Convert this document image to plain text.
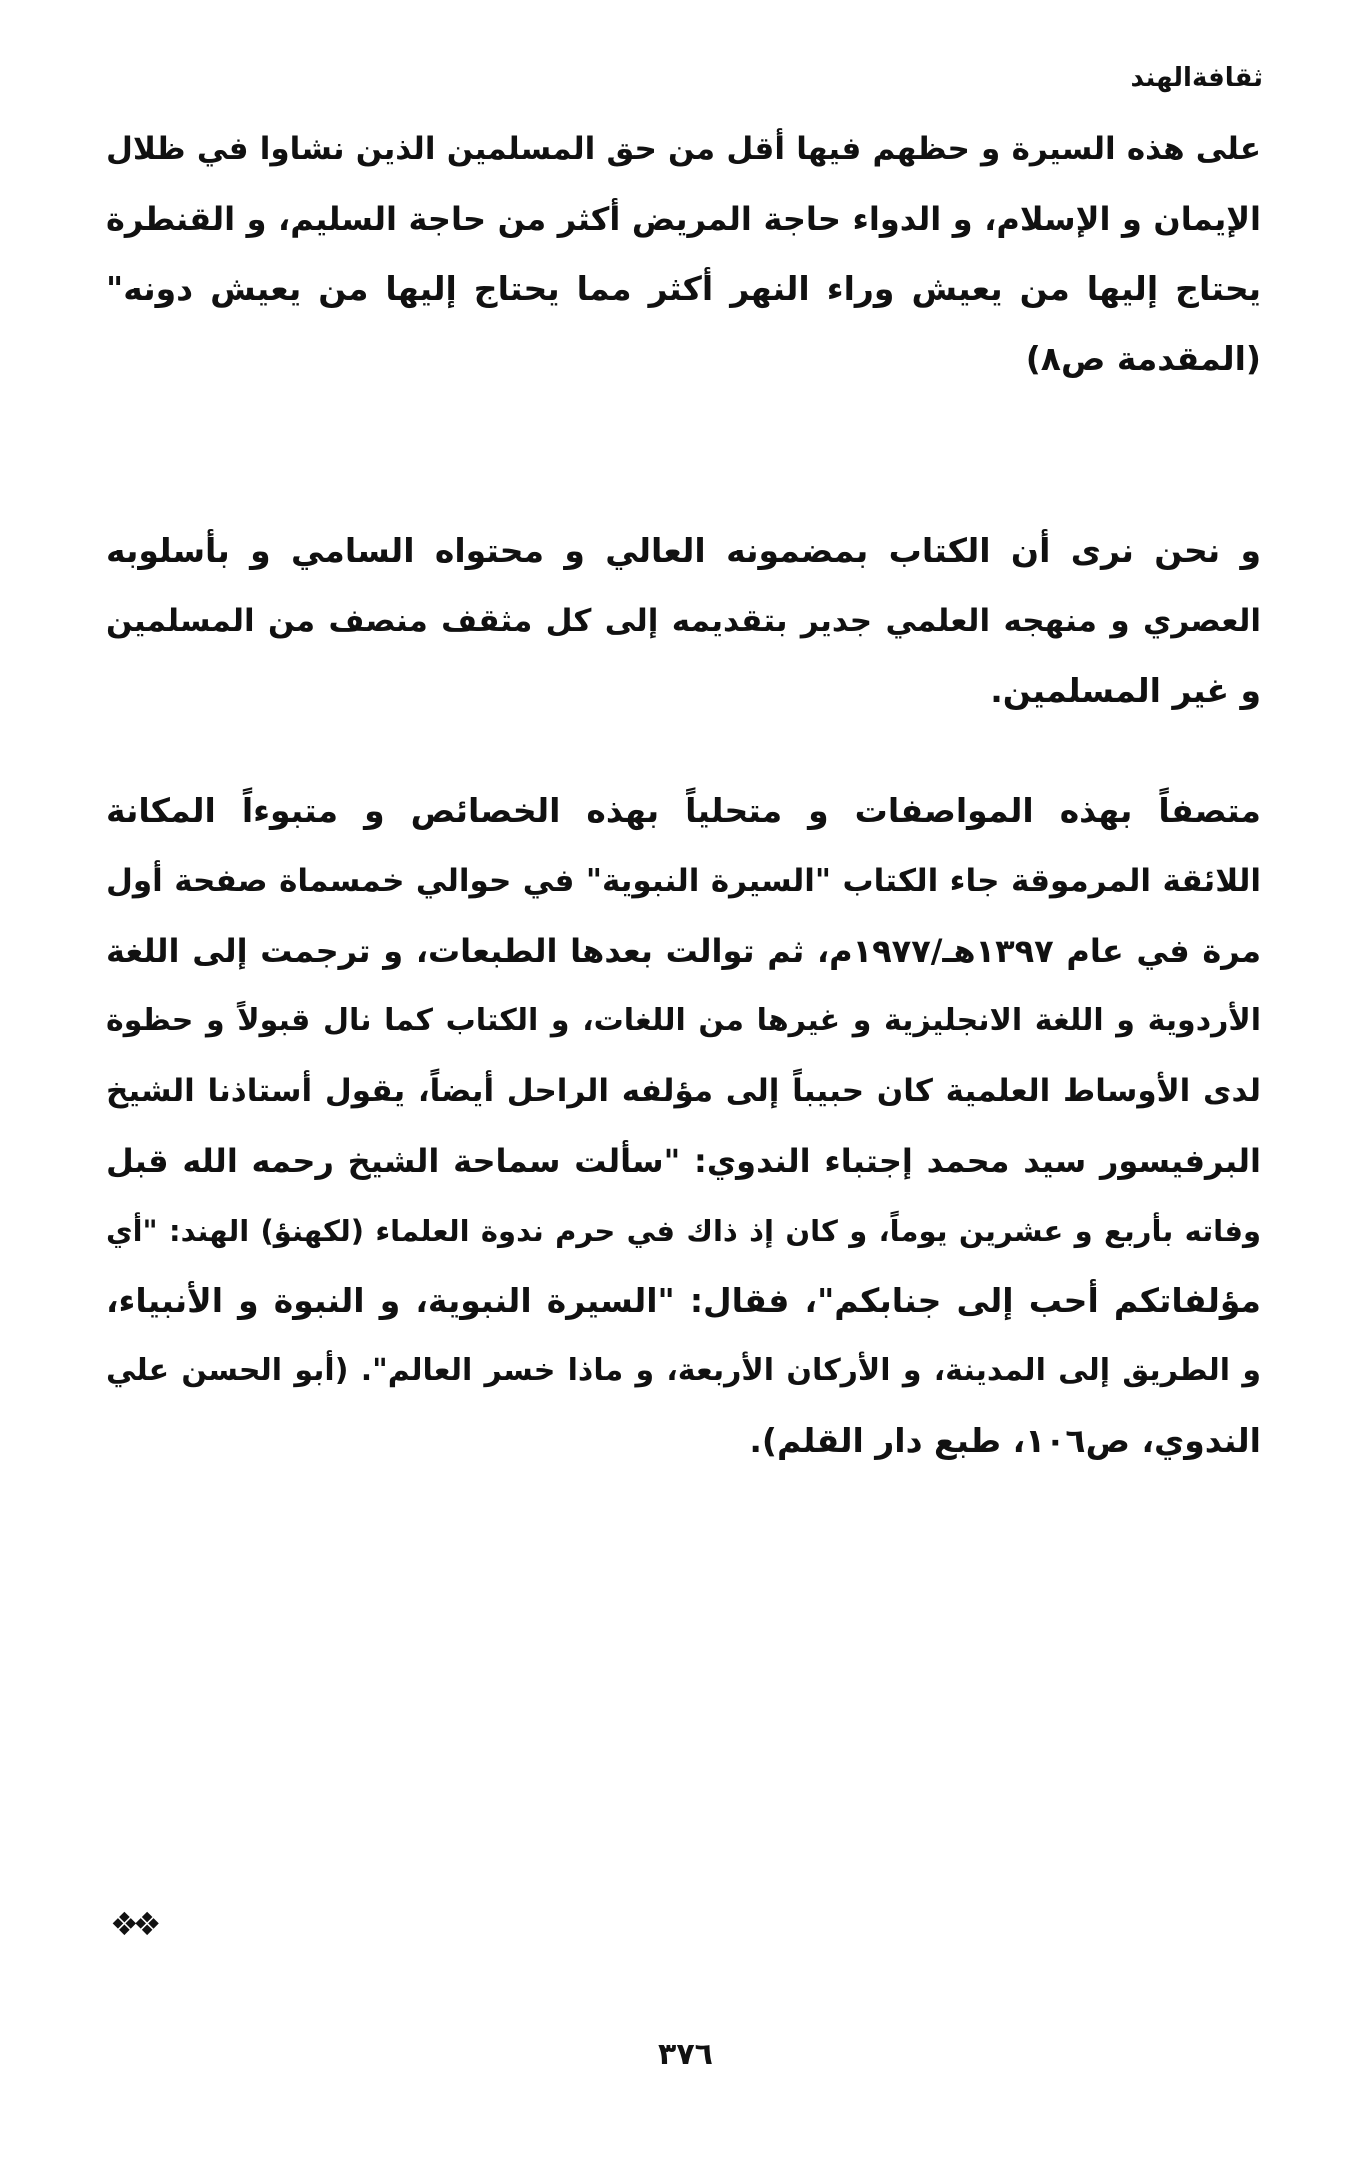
ثقافةالهند
على هذه السيرة و حظهم فيها أقل من حق المسلمين الذين نشاوا في ظلال
الإيمان و الإسلام، و الدواء حاجة المريض أكثر من حاجة السليم، و القنطرة
يحتاج إليها من يعيش وراء النهر أكثر مما يحتاج إليها من يعيش دونه"
(المقدمة ص٨)
و نحن نرى أن الكتاب بمضمونه العالي و محتواه السامي و بأسلوبه
العصري و منهجه العلمي جدير بتقديمه إلى كل مثقف منصف من المسلمين
و غير المسلمين.
متصفاً بهذه المواصفات و متحلياً بهذه الخصائص و متبوءاً المكانة
اللائقة المرموقة جاء الكتاب "السيرة النبوية" في حوالي خمسماة صفحة أول
مرة في عام ١٣٩٧هـ/١٩٧٧م، ثم توالت بعدها الطبعات، و ترجمت إلى اللغة
الأردوية و اللغة الانجليزية و غيرها من اللغات، و الكتاب كما نال قبولاً و حظوة
لدى الأوساط العلمية كان حبيباً إلى مؤلفه الراحل أيضاً، يقول أستاذنا الشيخ
البرفيسور سيد محمد إجتباء الندوي: "سألت سماحة الشيخ رحمه الله قبل
وفاته بأربع و عشرين يوماً، و كان إذ ذاك في حرم ندوة العلماء (لكهنؤ) الهند: "أي
مؤلفاتكم أحب إلى جنابكم"، فقال: "السيرة النبوية، و النبوة و الأنبياء،
و الطريق إلى المدينة، و الأركان الأربعة، و ماذا خسر العالم". (أبو الحسن علي
الندوي، ص١٠٦، طبع دار القلم).
❖❖
٣٧٦
